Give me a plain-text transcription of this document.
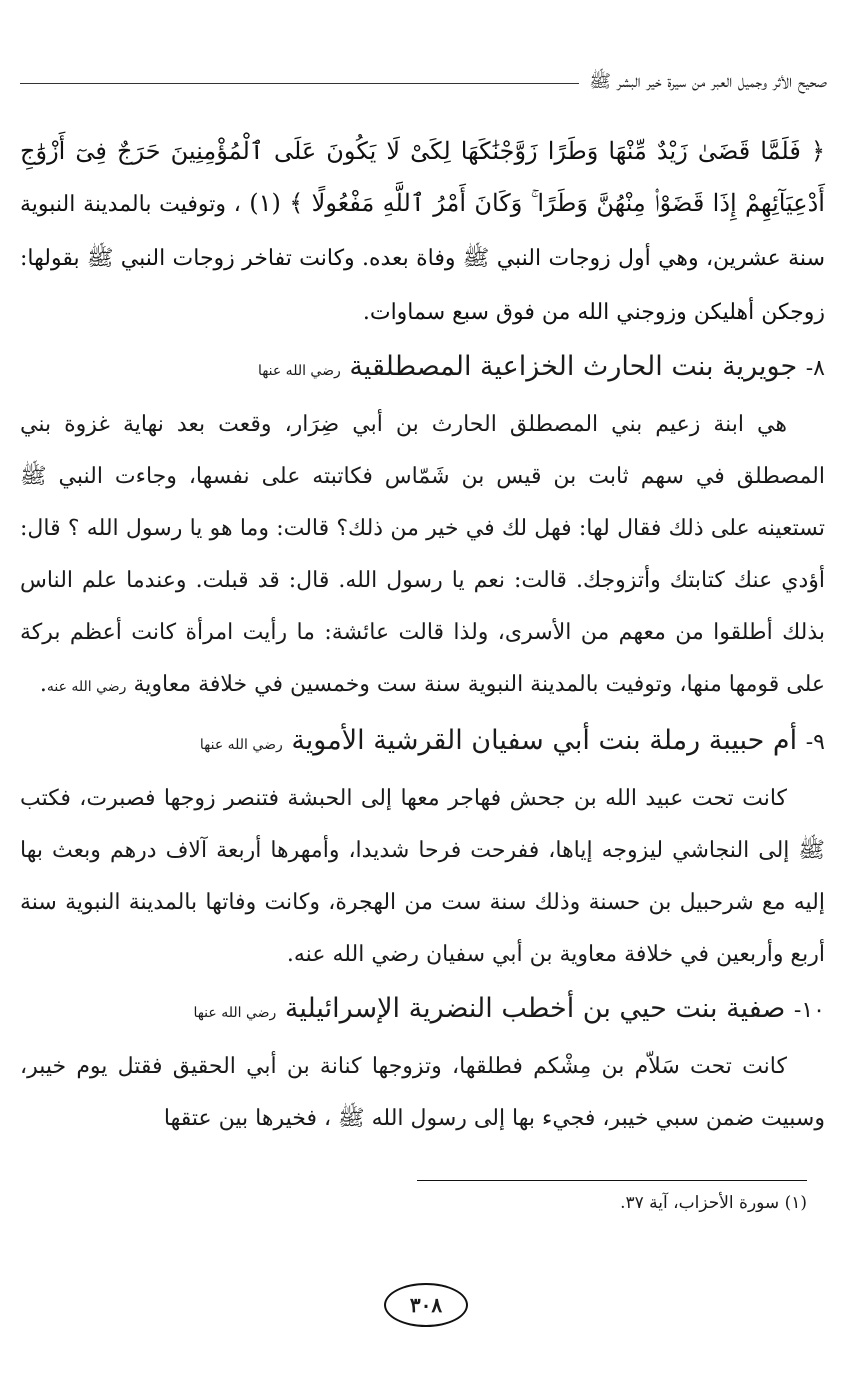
صحيح الأثر وجميل العبر من سيرة خير البشر ﷺ

﴿ فَلَمَّا قَضَىٰ زَيْدٌ مِّنْهَا وَطَرًا زَوَّجْنَٰكَهَا لِكَىْ لَا يَكُونَ عَلَى ٱلْمُؤْمِنِينَ حَرَجٌ فِىٓ أَزْوَٰجِ أَدْعِيَآئِهِمْ إِذَا قَضَوْا۟ مِنْهُنَّ وَطَرًا ۚ وَكَانَ أَمْرُ ٱللَّهِ مَفْعُولًا ﴾ (١) ، وتوفيت بالمدينة النبوية سنة عشرين، وهي أول زوجات النبي ﷺ وفاة بعده. وكانت تفاخر زوجات النبي ﷺ بقولها: زوجكن أهليكن وزوجني الله من فوق سبع سماوات.

٨- جويرية بنت الحارث الخزاعية المصطلقية رضي الله عنها

هي ابنة زعيم بني المصطلق الحارث بن أبي ضِرَار، وقعت بعد نهاية غزوة بني المصطلق في سهم ثابت بن قيس بن شَمّاس فكاتبته على نفسها، وجاءت النبي ﷺ تستعينه على ذلك فقال لها: فهل لك في خير من ذلك؟ قالت: وما هو يا رسول الله ؟ قال: أؤدي عنك كتابتك وأتزوجك. قالت: نعم يا رسول الله. قال: قد قبلت. وعندما علم الناس بذلك أطلقوا من معهم من الأسرى، ولذا قالت عائشة: ما رأيت امرأة كانت أعظم بركة على قومها منها، وتوفيت بالمدينة النبوية سنة ست وخمسين في خلافة معاوية رضي الله عنه.

٩- أم حبيبة رملة بنت أبي سفيان القرشية الأموية رضي الله عنها

كانت تحت عبيد الله بن جحش فهاجر معها إلى الحبشة فتنصر زوجها فصبرت، فكتب ﷺ إلى النجاشي ليزوجه إياها، ففرحت فرحا شديدا، وأمهرها أربعة آلاف درهم وبعث بها إليه مع شرحبيل بن حسنة وذلك سنة ست من الهجرة، وكانت وفاتها بالمدينة النبوية سنة أربع وأربعين في خلافة معاوية بن أبي سفيان رضي الله عنه.

١٠- صفية بنت حيي بن أخطب النضرية الإسرائيلية رضي الله عنها

كانت تحت سَلاّم بن مِشْكم فطلقها، وتزوجها كنانة بن أبي الحقيق فقتل يوم خيبر، وسبيت ضمن سبي خيبر، فجيء بها إلى رسول الله ﷺ ، فخيرها بين عتقها

(١) سورة الأحزاب، آية ٣٧.
٣٠٨
